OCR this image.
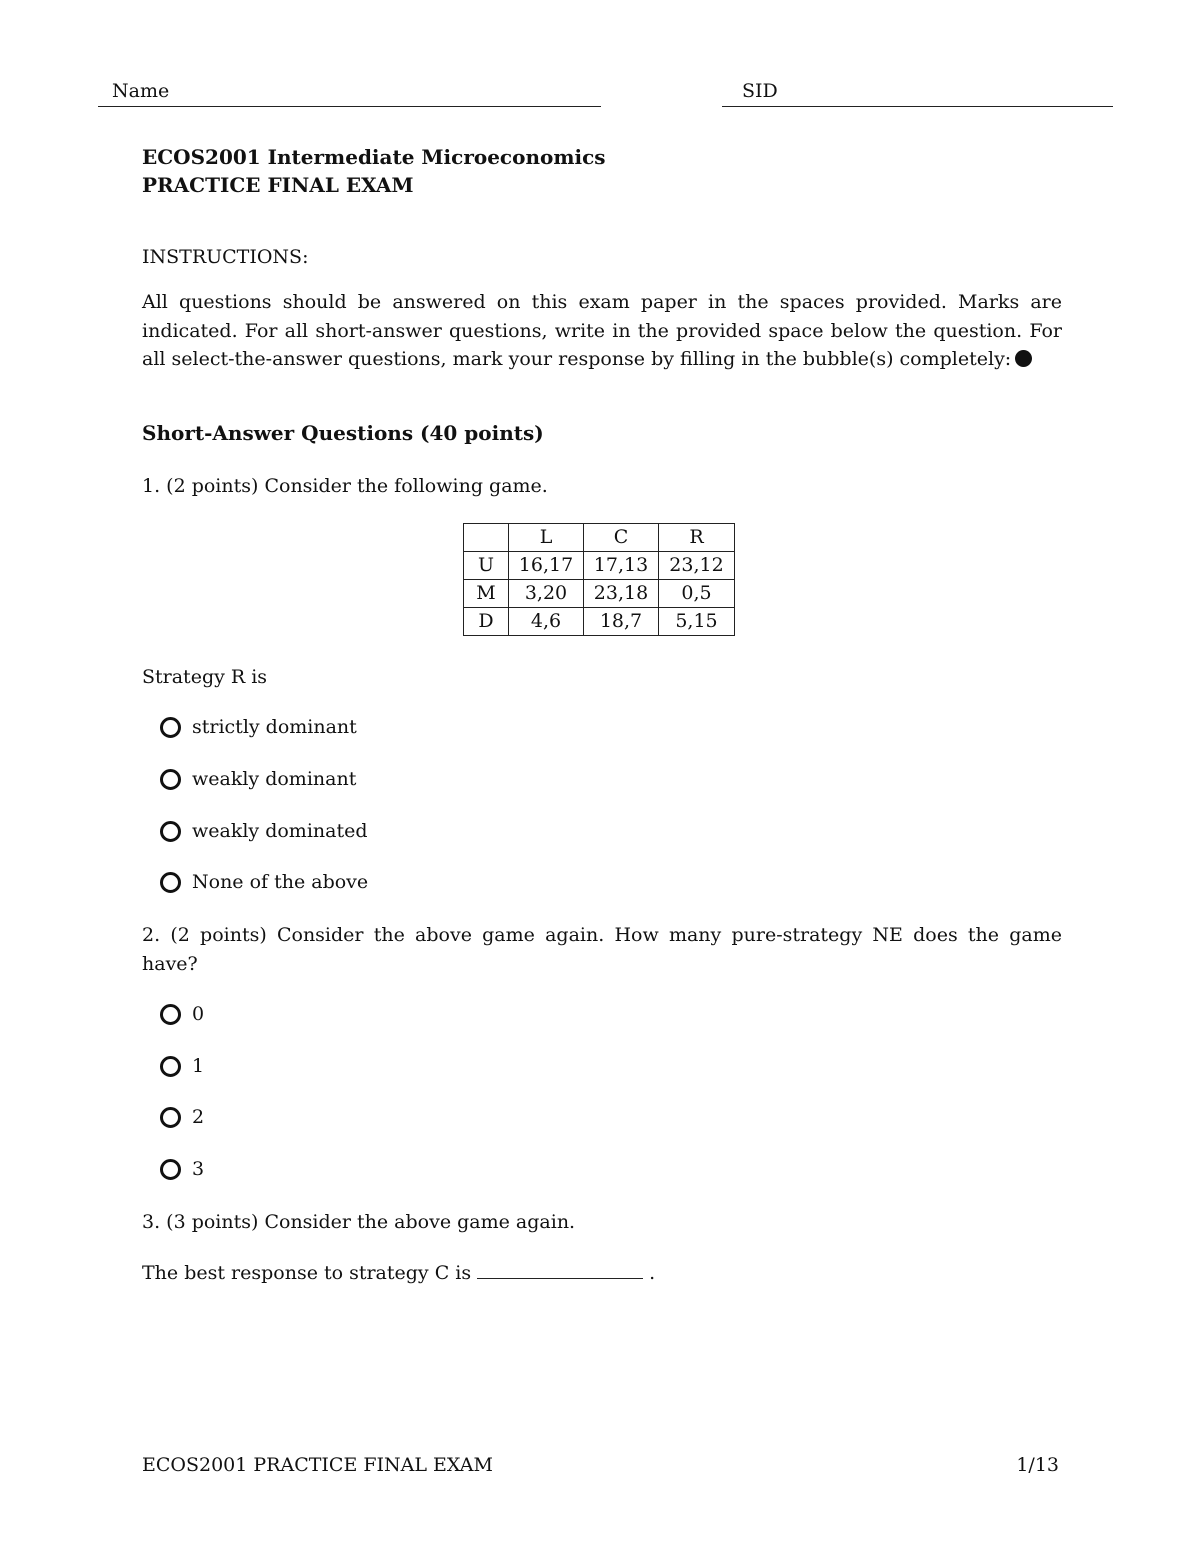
Name	SID
ECOS2001 Intermediate Microeconomics
PRACTICE FINAL EXAM
INSTRUCTIONS:
All questions should be answered on this exam paper in the spaces provided. Marks are indicated. For all short-answer questions, write in the provided space below the question. For all select-the-answer questions, mark your response by filling in the bubble(s) completely:
Short-Answer Questions (40 points)
1. (2 points) Consider the following game.
	L	C	R
U	16,17	17,13	23,12
M	3,20	23,18	0,5
D	4,6	18,7	5,15
Strategy R is
strictly dominant
weakly dominant
weakly dominated
None of the above
2. (2 points) Consider the above game again. How many pure-strategy NE does the game have?
0
1
2
3
3. (3 points) Consider the above game again.
The best response to strategy C is	.
ECOS2001 PRACTICE FINAL EXAM	1/13
